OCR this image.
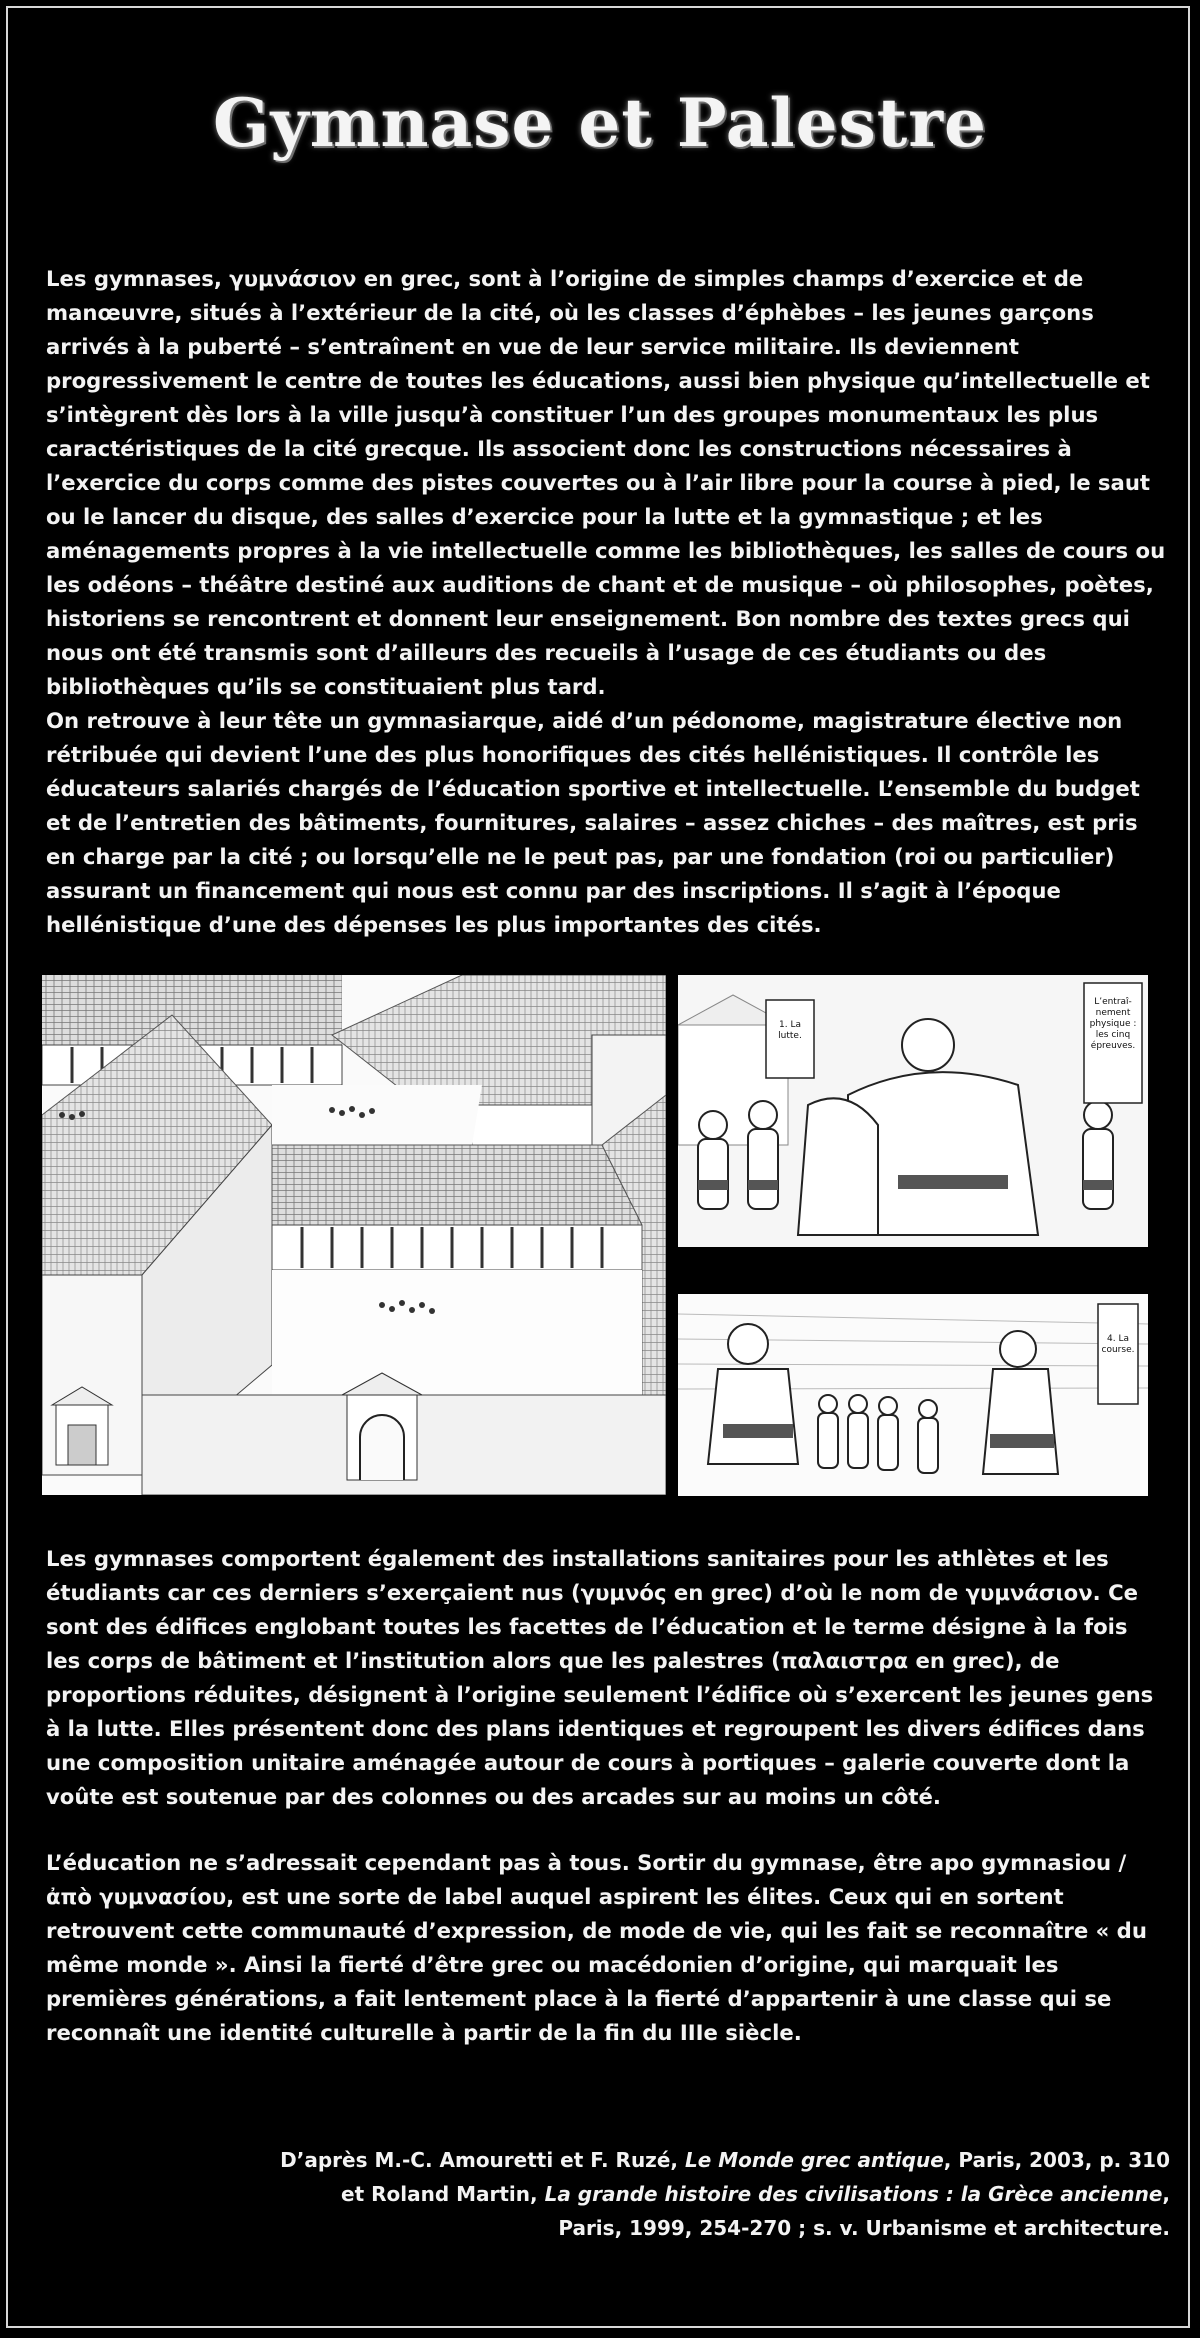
Gymnase et Palestre

Les gymnases, γυμνάσιον en grec, sont à l’origine de simples champs d’exercice et de manœuvre, situés à l’extérieur de la cité, où les classes d’éphèbes – les jeunes garçons arrivés à la puberté – s’entraînent en vue de leur service militaire. Ils deviennent progressivement le centre de toutes les éducations, aussi bien physique qu’intellectuelle et s’intègrent dès lors à la ville jusqu’à constituer l’un des groupes monumentaux les plus caractéristiques de la cité grecque. Ils associent donc les constructions nécessaires à l’exercice du corps comme des pistes couvertes ou à l’air libre pour la course à pied, le saut ou le lancer du disque, des salles d’exercice pour la lutte et la gymnastique ; et les aménagements propres à la vie intellectuelle comme les bibliothèques, les salles de cours ou les odéons – théâtre destiné aux auditions de chant et de musique – où philosophes, poètes, historiens se rencontrent et donnent leur enseignement. Bon nombre des textes grecs qui nous ont été transmis sont d’ailleurs des recueils à l’usage de ces étudiants ou des bibliothèques qu’ils se constituaient plus tard.

On retrouve à leur tête un gymnasiarque, aidé d’un pédonome, magistrature élective non rétribuée qui devient l’une des plus honorifiques des cités hellénistiques. Il contrôle les éducateurs salariés chargés de l’éducation sportive et intellectuelle. L’ensemble du budget et de l’entretien des bâtiments, fournitures, salaires – assez chiches – des maîtres, est pris en charge par la cité ; ou lorsqu’elle ne le peut pas, par une fondation (roi ou particulier) assurant un financement qui nous est connu par des inscriptions. Il s’agit à l’époque hellénistique d’une des dépenses les plus importantes des cités.

1. La lutte.
L’entraî-nement physique : les cinq épreuves.
4. La course.

Les gymnases comportent également des installations sanitaires pour les athlètes et les étudiants car ces derniers s’exerçaient nus (γυμνός en grec) d’où le nom de γυμνάσιον. Ce sont des édifices englobant toutes les facettes de l’éducation et le terme désigne à la fois les corps de bâtiment et l’institution alors que les palestres (παλαιστρα en grec), de proportions réduites, désignent à l’origine seulement l’édifice où s’exercent les jeunes gens à la lutte. Elles présentent donc des plans identiques et regroupent les divers édifices dans une composition unitaire aménagée autour de cours à portiques – galerie couverte dont la voûte est soutenue par des colonnes ou des arcades sur au moins un côté.

L’éducation ne s’adressait cependant pas à tous. Sortir du gymnase, être apo gymnasiou / ἀπὸ γυμνασίου, est une sorte de label auquel aspirent les élites. Ceux qui en sortent retrouvent cette communauté d’expression, de mode de vie, qui les fait se reconnaître « du même monde ». Ainsi la fierté d’être grec ou macédonien d’origine, qui marquait les premières générations, a fait lentement place à la fierté d’appartenir à une classe qui se reconnaît une identité culturelle à partir de la fin du IIIe siècle.

D’après M.-C. Amouretti et F. Ruzé, Le Monde grec antique, Paris, 2003, p. 310
et Roland Martin, La grande histoire des civilisations : la Grèce ancienne,
Paris, 1999, 254-270 ; s. v. Urbanisme et architecture.
